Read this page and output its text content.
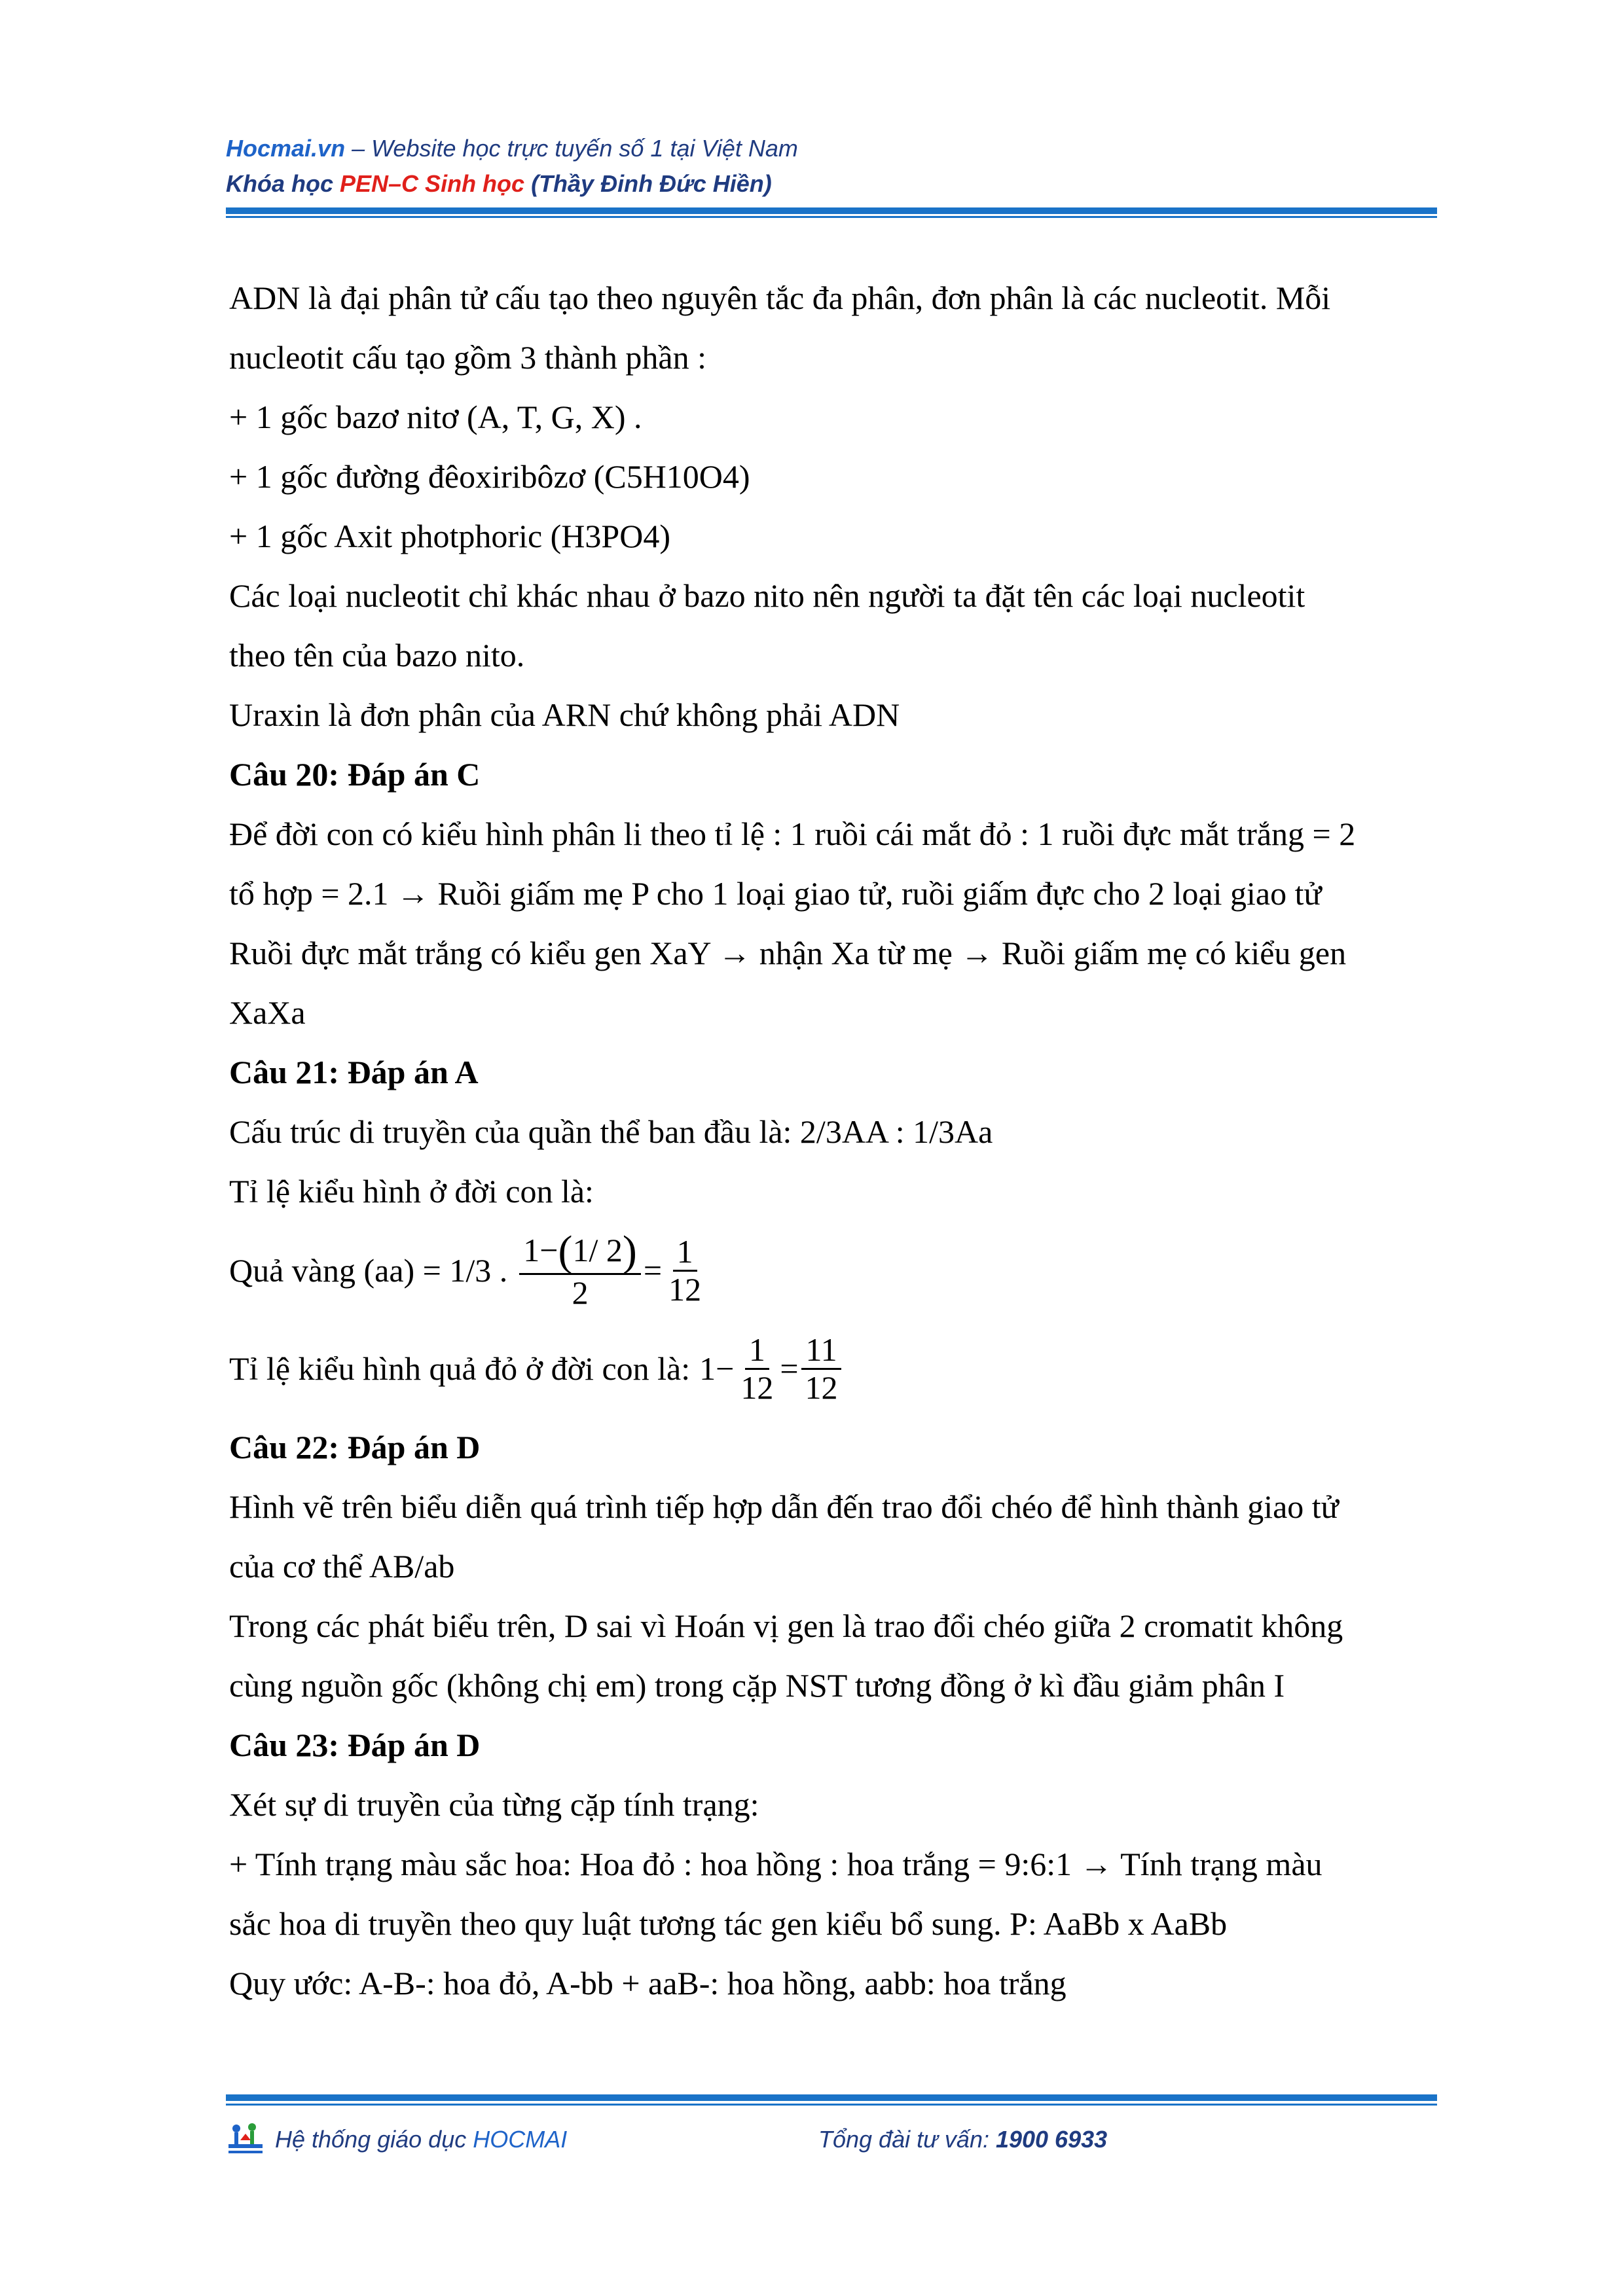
Hocmai.vn – Website học trực tuyến số 1 tại Việt Nam
Khóa học PEN–C Sinh học (Thầy Đinh Đức Hiền)

ADN là đại phân tử cấu tạo theo nguyên tắc đa phân, đơn phân là các nucleotit. Mỗi

nucleotit cấu tạo gồm 3 thành phần :

+ 1 gốc bazơ nitơ (A, T, G, X) .

+ 1 gốc đường đêoxiribôzơ (C5H10O4)

+ 1 gốc Axit photphoric (H3PO4)

Các loại nucleotit chỉ khác nhau ở bazo nito nên người ta đặt tên các loại nucleotit

theo tên của bazo nito.

Uraxin là đơn phân của ARN chứ không phải ADN

Câu 20: Đáp án C

Để đời con có kiểu hình phân li theo tỉ lệ : 1 ruồi cái mắt đỏ : 1 ruồi đực mắt trắng = 2

tổ hợp = 2.1 → Ruồi giấm mẹ P cho 1 loại giao tử, ruồi giấm đực cho 2 loại giao tử

Ruồi đực mắt trắng có kiểu gen XaY → nhận Xa từ mẹ → Ruồi giấm mẹ có kiểu gen

XaXa

Câu 21: Đáp án A

Cấu trúc di truyền của quần thể ban đầu là: 2/3AA : 1/3Aa

Tỉ lệ kiểu hình ở đời con là:

Quả vàng (aa) = 1/3 . $\frac{1-(1/ 2)}{2} = \frac{1}{12}$
Tỉ lệ kiểu hình quả đỏ ở đời con là: $1- \frac{1}{12} = \frac{11}{12}$

Câu 22: Đáp án D

Hình vẽ trên biểu diễn quá trình tiếp hợp dẫn đến trao đổi chéo để hình thành giao tử

của cơ thể AB/ab

Trong các phát biểu trên, D sai vì Hoán vị gen là trao đổi chéo giữa 2 cromatit không

cùng nguồn gốc (không chị em) trong cặp NST tương đồng ở kì đầu giảm phân I

Câu 23: Đáp án D

Xét sự di truyền của từng cặp tính trạng:

+ Tính trạng màu sắc hoa: Hoa đỏ : hoa hồng : hoa trắng = 9:6:1 → Tính trạng màu

sắc hoa di truyền theo quy luật tương tác gen kiểu bổ sung. P: AaBb x AaBb

Quy ước: A-B-: hoa đỏ, A-bb + aaB-: hoa hồng, aabb: hoa trắng

Hệ thống giáo dục HOCMAI	Tổng đài tư vấn: 1900 6933
